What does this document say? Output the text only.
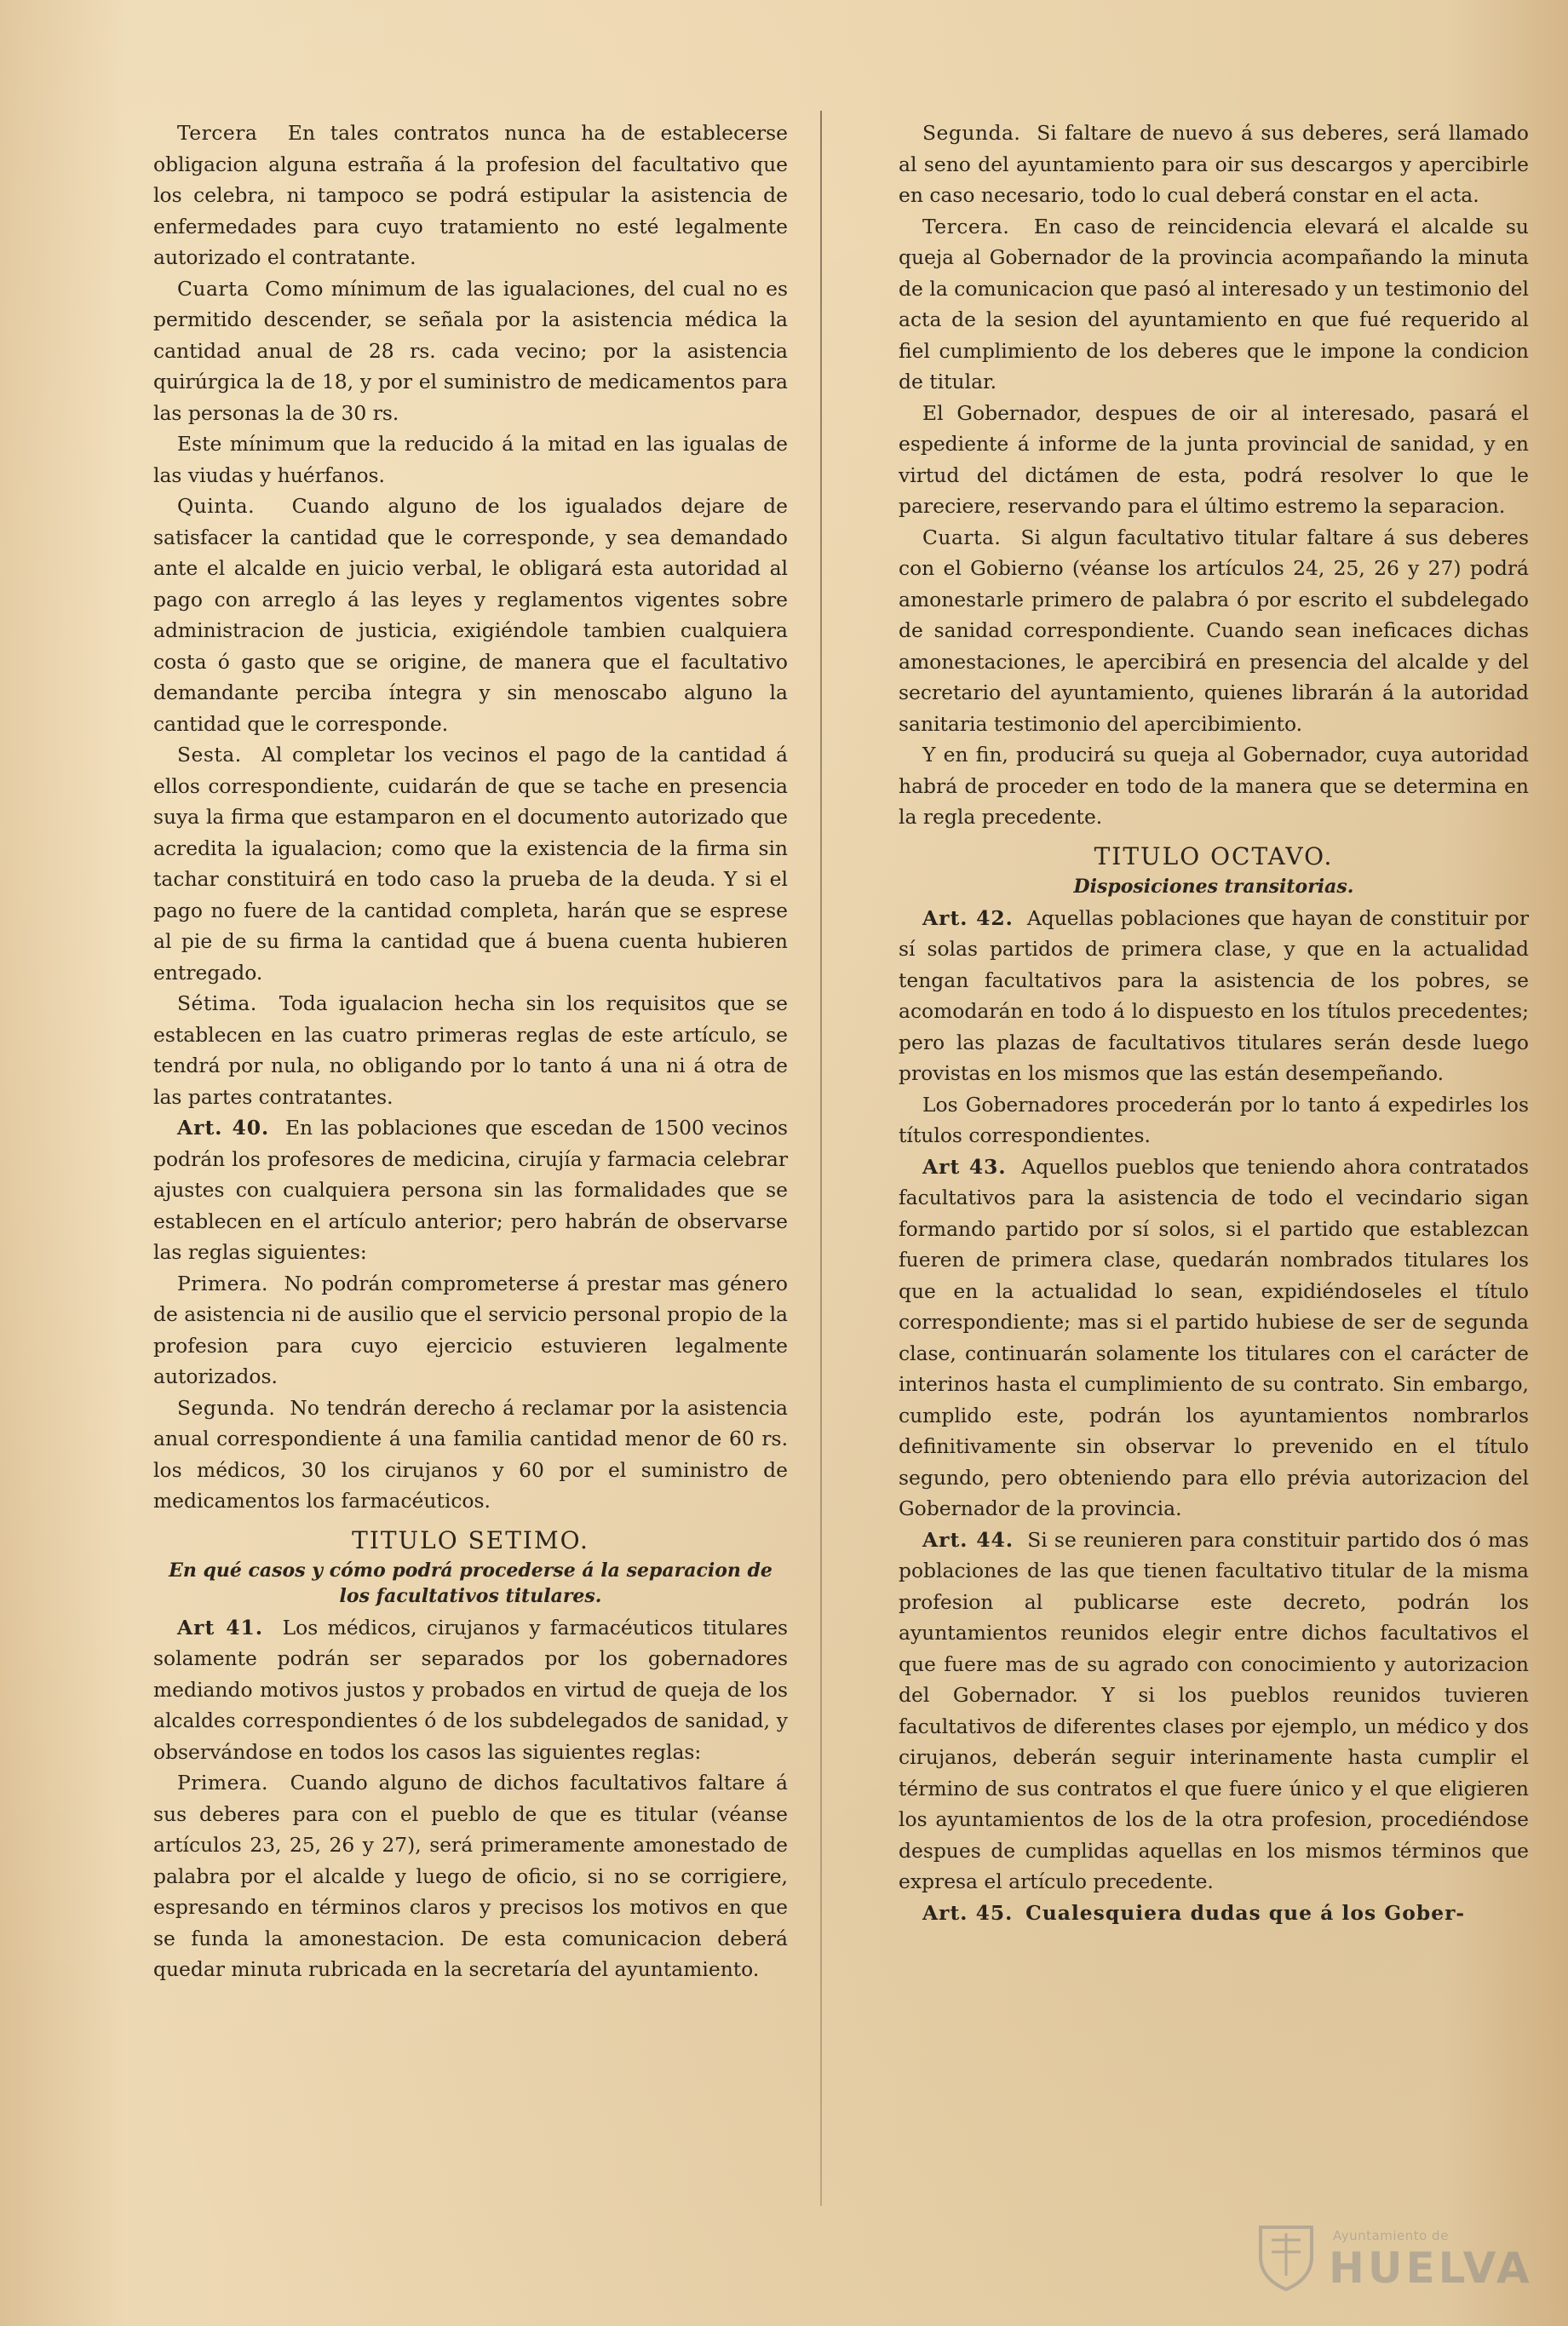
Tercera En tales contratos nunca ha de establecerse obligacion alguna estraña á la profesion del facultativo que los celebra, ni tampoco se podrá estipular la asistencia de enfermedades para cuyo tratamiento no esté legalmente autorizado el contratante.

Cuarta Como mínimum de las igualaciones, del cual no es permitido descender, se señala por la asistencia médica la cantidad anual de 28 rs. cada vecino; por la asistencia quirúrgica la de 18, y por el suministro de medicamentos para las personas la de 30 rs.

Este mínimum que la reducido á la mitad en las igualas de las viudas y huérfanos.

Quinta. Cuando alguno de los igualados dejare de satisfacer la cantidad que le corresponde, y sea demandado ante el alcalde en juicio verbal, le obligará esta autoridad al pago con arreglo á las leyes y reglamentos vigentes sobre administracion de justicia, exigiéndole tambien cualquiera costa ó gasto que se origine, de manera que el facultativo demandante perciba íntegra y sin menoscabo alguno la cantidad que le corresponde.

Sesta. Al completar los vecinos el pago de la cantidad á ellos correspondiente, cuidarán de que se tache en presencia suya la firma que estamparon en el documento autorizado que acredita la igualacion; como que la existencia de la firma sin tachar constituirá en todo caso la prueba de la deuda. Y si el pago no fuere de la cantidad completa, harán que se esprese al pie de su firma la cantidad que á buena cuenta hubieren entregado.

Sétima. Toda igualacion hecha sin los requisitos que se establecen en las cuatro primeras reglas de este artículo, se tendrá por nula, no obligando por lo tanto á una ni á otra de las partes contratantes.

Art. 40. En las poblaciones que escedan de 1500 vecinos podrán los profesores de medicina, cirujía y farmacia celebrar ajustes con cualquiera persona sin las formalidades que se establecen en el artículo anterior; pero habrán de observarse las reglas siguientes:

Primera. No podrán comprometerse á prestar mas género de asistencia ni de ausilio que el servicio personal propio de la profesion para cuyo ejercicio estuvieren legalmente autorizados.

Segunda. No tendrán derecho á reclamar por la asistencia anual correspondiente á una familia cantidad menor de 60 rs. los médicos, 30 los cirujanos y 60 por el suministro de medicamentos los farmacéuticos.

TITULO SETIMO.
En qué casos y cómo podrá procederse á la separacion de los facultativos titulares.

Art 41. Los médicos, cirujanos y farmacéuticos titulares solamente podrán ser separados por los gobernadores mediando motivos justos y probados en virtud de queja de los alcaldes correspondientes ó de los subdelegados de sanidad, y observándose en todos los casos las siguientes reglas:

Primera. Cuando alguno de dichos facultativos faltare á sus deberes para con el pueblo de que es titular (véanse artículos 23, 25, 26 y 27), será primeramente amonestado de palabra por el alcalde y luego de oficio, si no se corrigiere, espresando en términos claros y precisos los motivos en que se funda la amonestacion. De esta comunicacion deberá quedar minuta rubricada en la secretaría del ayuntamiento.

Segunda. Si faltare de nuevo á sus deberes, será llamado al seno del ayuntamiento para oir sus descargos y apercibirle en caso necesario, todo lo cual deberá constar en el acta.

Tercera. En caso de reincidencia elevará el alcalde su queja al Gobernador de la provincia acompañando la minuta de la comunicacion que pasó al interesado y un testimonio del acta de la sesion del ayuntamiento en que fué requerido al fiel cumplimiento de los deberes que le impone la condicion de titular.

El Gobernador, despues de oir al interesado, pasará el espediente á informe de la junta provincial de sanidad, y en virtud del dictámen de esta, podrá resolver lo que le pareciere, reservando para el último estremo la separacion.

Cuarta. Si algun facultativo titular faltare á sus deberes con el Gobierno (véanse los artículos 24, 25, 26 y 27) podrá amonestarle primero de palabra ó por escrito el subdelegado de sanidad correspondiente. Cuando sean ineficaces dichas amonestaciones, le apercibirá en presencia del alcalde y del secretario del ayuntamiento, quienes librarán á la autoridad sanitaria testimonio del apercibimiento.

Y en fin, producirá su queja al Gobernador, cuya autoridad habrá de proceder en todo de la manera que se determina en la regla precedente.

TITULO OCTAVO.
Disposiciones transitorias.

Art. 42. Aquellas poblaciones que hayan de constituir por sí solas partidos de primera clase, y que en la actualidad tengan facultativos para la asistencia de los pobres, se acomodarán en todo á lo dispuesto en los títulos precedentes; pero las plazas de facultativos titulares serán desde luego provistas en los mismos que las están desempeñando.

Los Gobernadores procederán por lo tanto á expedirles los títulos correspondientes.

Art 43. Aquellos pueblos que teniendo ahora contratados facultativos para la asistencia de todo el vecindario sigan formando partido por sí solos, si el partido que establezcan fueren de primera clase, quedarán nombrados titulares los que en la actualidad lo sean, expidiéndoseles el título correspondiente; mas si el partido hubiese de ser de segunda clase, continuarán solamente los titulares con el carácter de interinos hasta el cumplimiento de su contrato. Sin embargo, cumplido este, podrán los ayuntamientos nombrarlos definitivamente sin observar lo prevenido en el título segundo, pero obteniendo para ello prévia autorizacion del Gobernador de la provincia.

Art. 44. Si se reunieren para constituir partido dos ó mas poblaciones de las que tienen facultativo titular de la misma profesion al publicarse este decreto, podrán los ayuntamientos reunidos elegir entre dichos facultativos el que fuere mas de su agrado con conocimiento y autorizacion del Gobernador. Y si los pueblos reunidos tuvieren facultativos de diferentes clases por ejemplo, un médico y dos cirujanos, deberán seguir interinamente hasta cumplir el término de sus contratos el que fuere único y el que eligieren los ayuntamientos de los de la otra profesion, procediéndose despues de cumplidas aquellas en los mismos términos que expresa el artículo precedente.

Art. 45. Cualesquiera dudas que á los Gober-

Ayuntamiento de
HUELVA
